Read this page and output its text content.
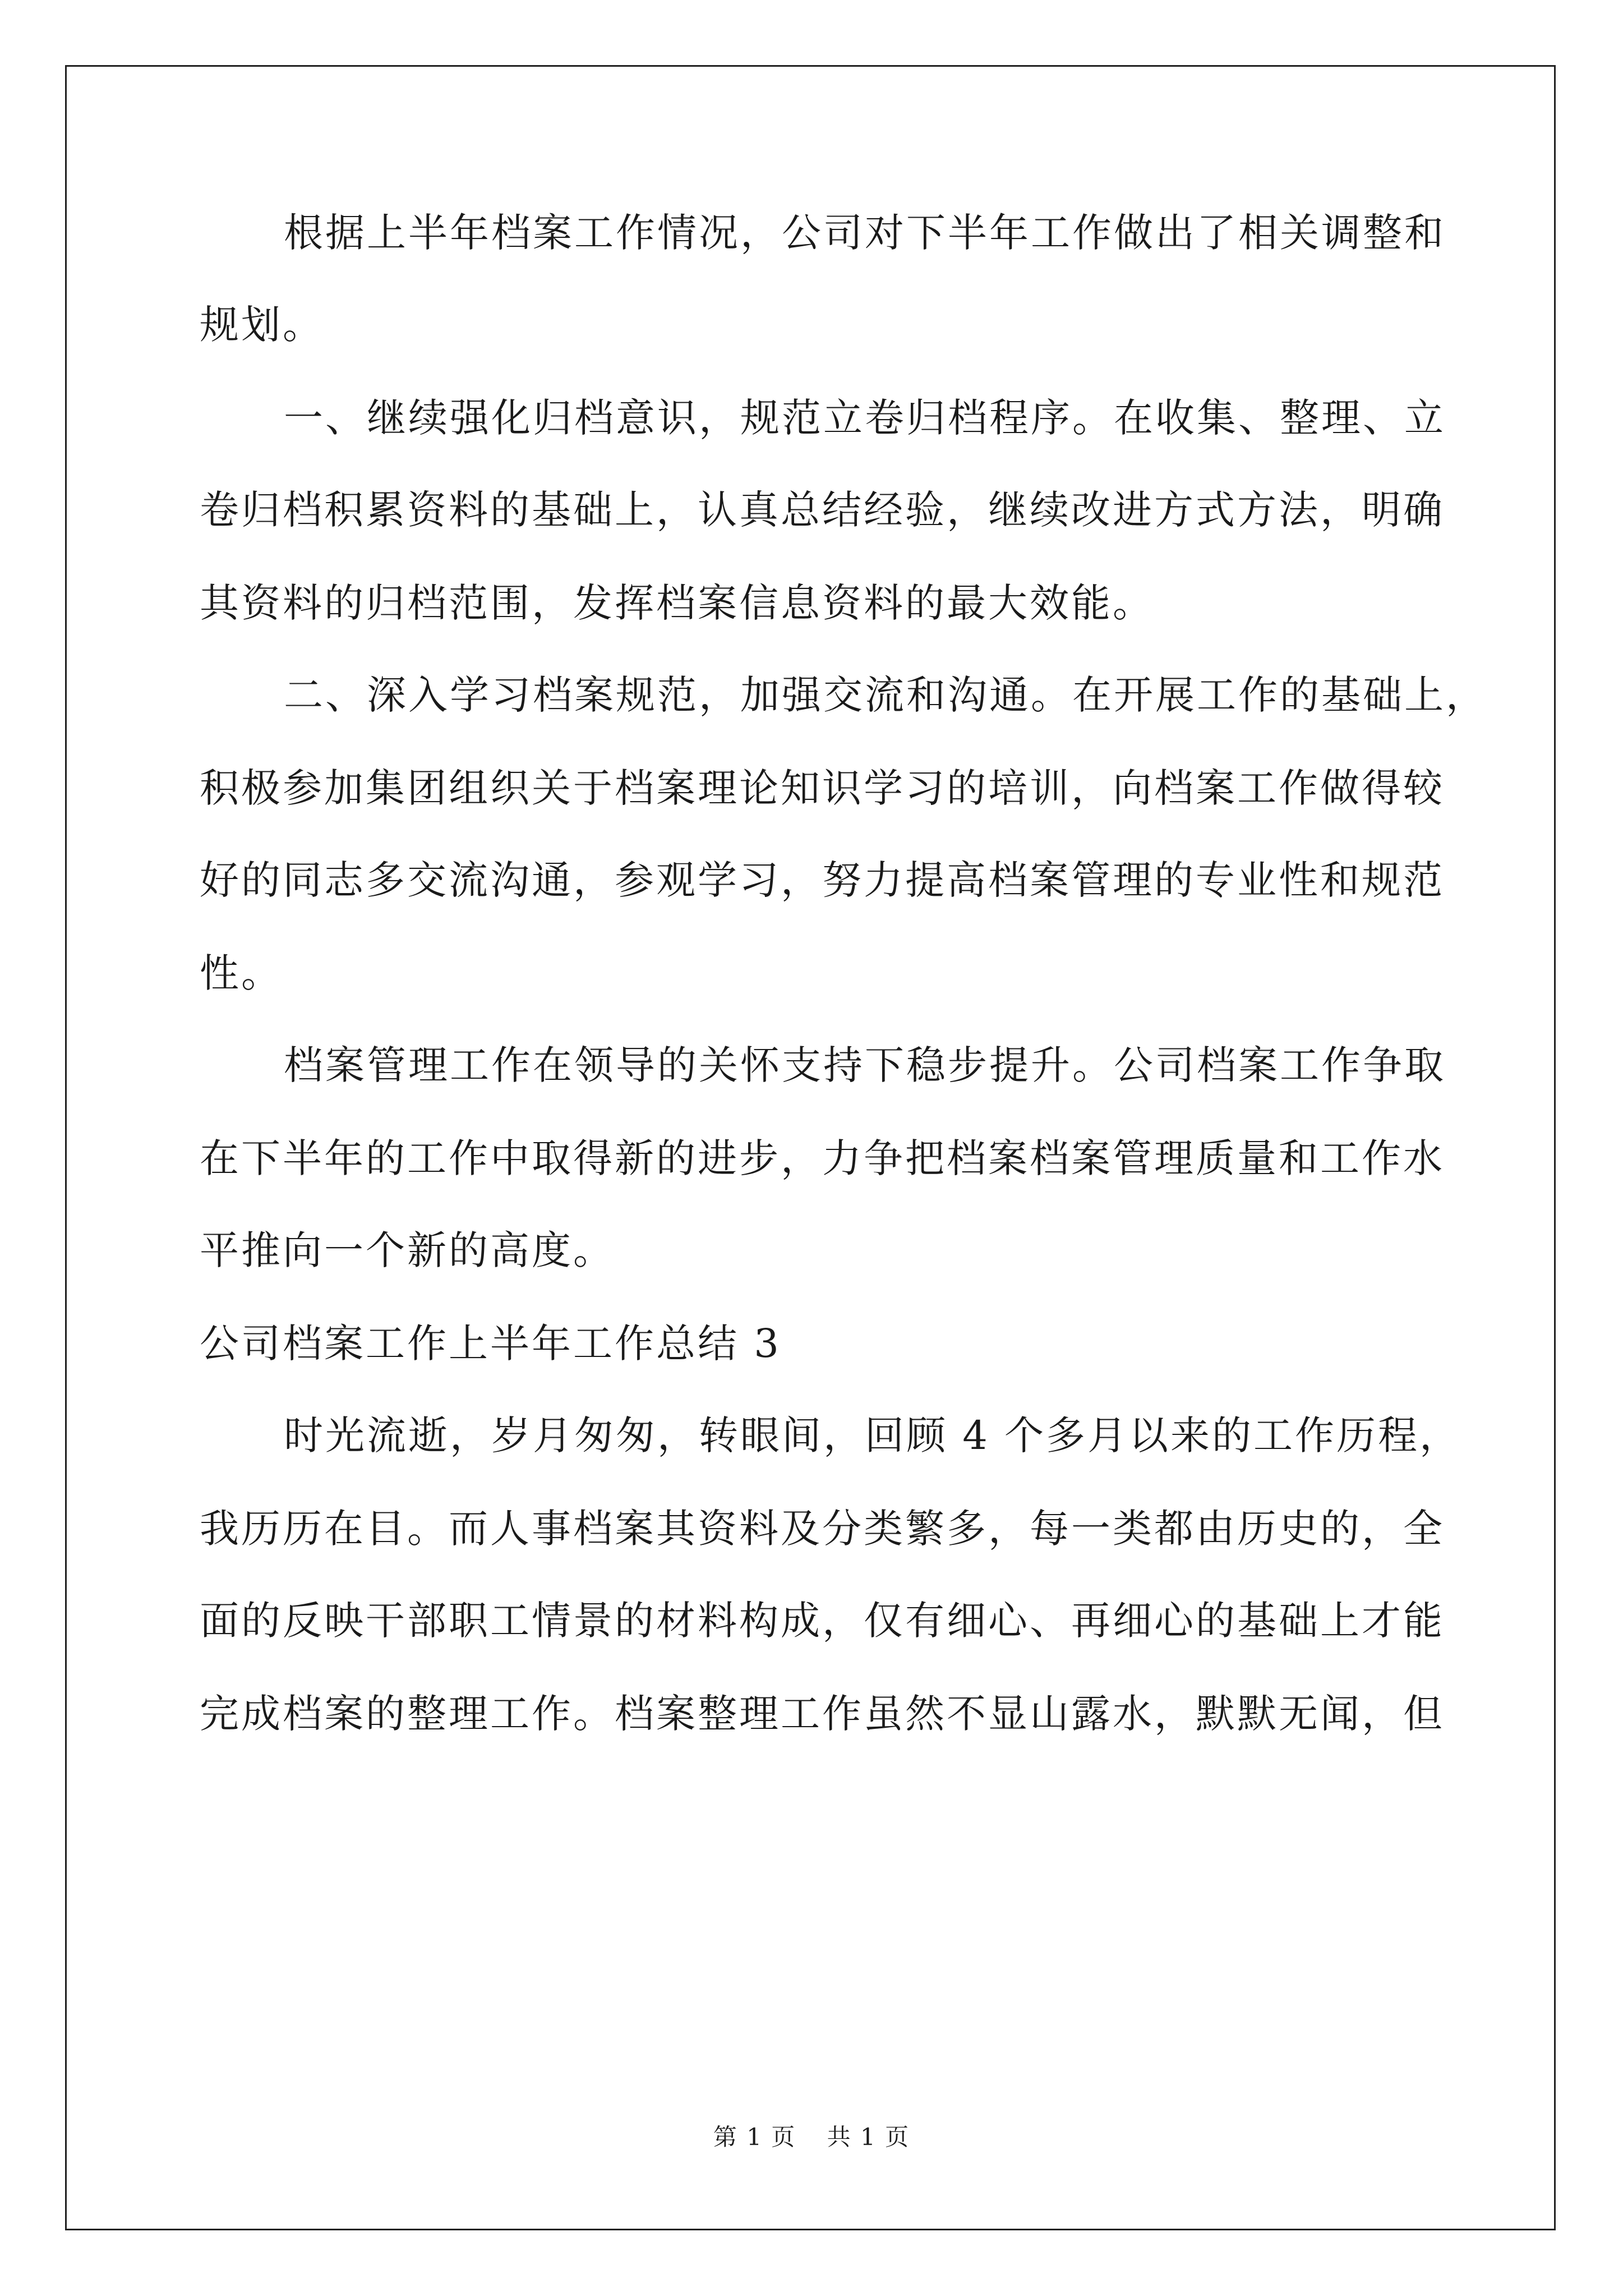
根据上半年档案工作情况，公司对下半年工作做出了相关调整和
规划。
一、继续强化归档意识，规范立卷归档程序。在收集、整理、立
卷归档积累资料的基础上，认真总结经验，继续改进方式方法，明确
其资料的归档范围，发挥档案信息资料的最大效能。
二、深入学习档案规范，加强交流和沟通。在开展工作的基础上，
积极参加集团组织关于档案理论知识学习的培训，向档案工作做得较
好的同志多交流沟通，参观学习，努力提高档案管理的专业性和规范
性。
档案管理工作在领导的关怀支持下稳步提升。公司档案工作争取
在下半年的工作中取得新的进步，力争把档案档案管理质量和工作水
平推向一个新的高度。
公司档案工作上半年工作总结 3
时光流逝，岁月匆匆，转眼间，回顾 4 个多月以来的工作历程，
我历历在目。而人事档案其资料及分类繁多，每一类都由历史的，全
面的反映干部职工情景的材料构成，仅有细心、再细心的基础上才能
完成档案的整理工作。档案整理工作虽然不显山露水，默默无闻，但
第 1 页 共 1 页
